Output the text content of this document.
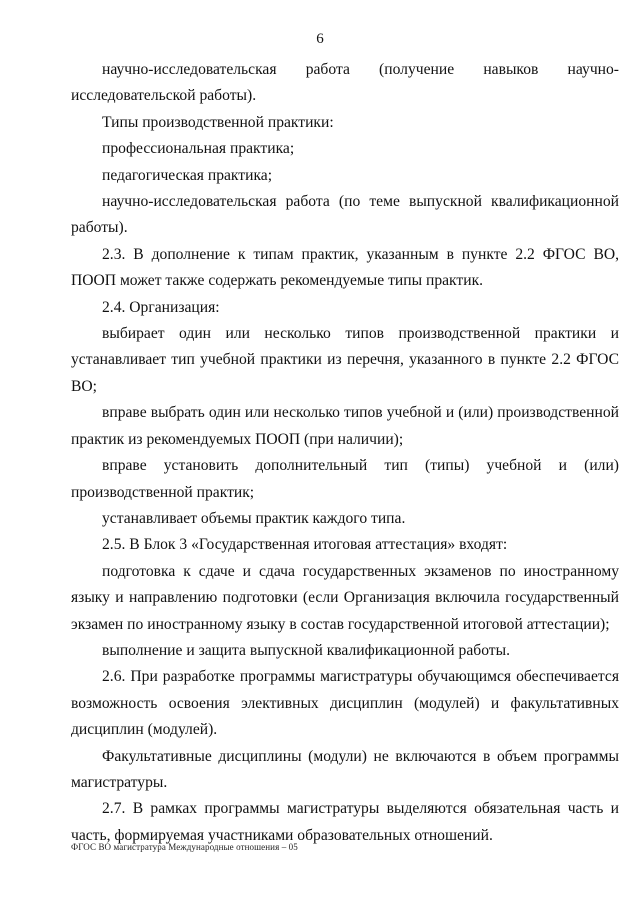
6

научно-исследовательская работа (получение навыков научно-исследовательской работы).

Типы производственной практики:

профессиональная практика;

педагогическая практика;

научно-исследовательская работа (по теме выпускной квалификационной работы).

2.3. В дополнение к типам практик, указанным в пункте 2.2 ФГОС ВО, ПООП может также содержать рекомендуемые типы практик.

2.4. Организация:

выбирает один или несколько типов производственной практики и устанавливает тип учебной практики из перечня, указанного в пункте 2.2 ФГОС ВО;

вправе выбрать один или несколько типов учебной и (или) производственной практик из рекомендуемых ПООП (при наличии);

вправе установить дополнительный тип (типы) учебной и (или) производственной практик;

устанавливает объемы практик каждого типа.

2.5. В Блок 3 «Государственная итоговая аттестация» входят:

подготовка к сдаче и сдача государственных экзаменов по иностранному языку и направлению подготовки (если Организация включила государственный экзамен по иностранному языку в состав государственной итоговой аттестации);

выполнение и защита выпускной квалификационной работы.

2.6. При разработке программы магистратуры обучающимся обеспечивается возможность освоения элективных дисциплин (модулей) и факультативных дисциплин (модулей).

Факультативные дисциплины (модули) не включаются в объем программы магистратуры.

2.7. В рамках программы магистратуры выделяются обязательная часть и часть, формируемая участниками образовательных отношений.

ФГОС ВО магистратура Международные отношения – 05
